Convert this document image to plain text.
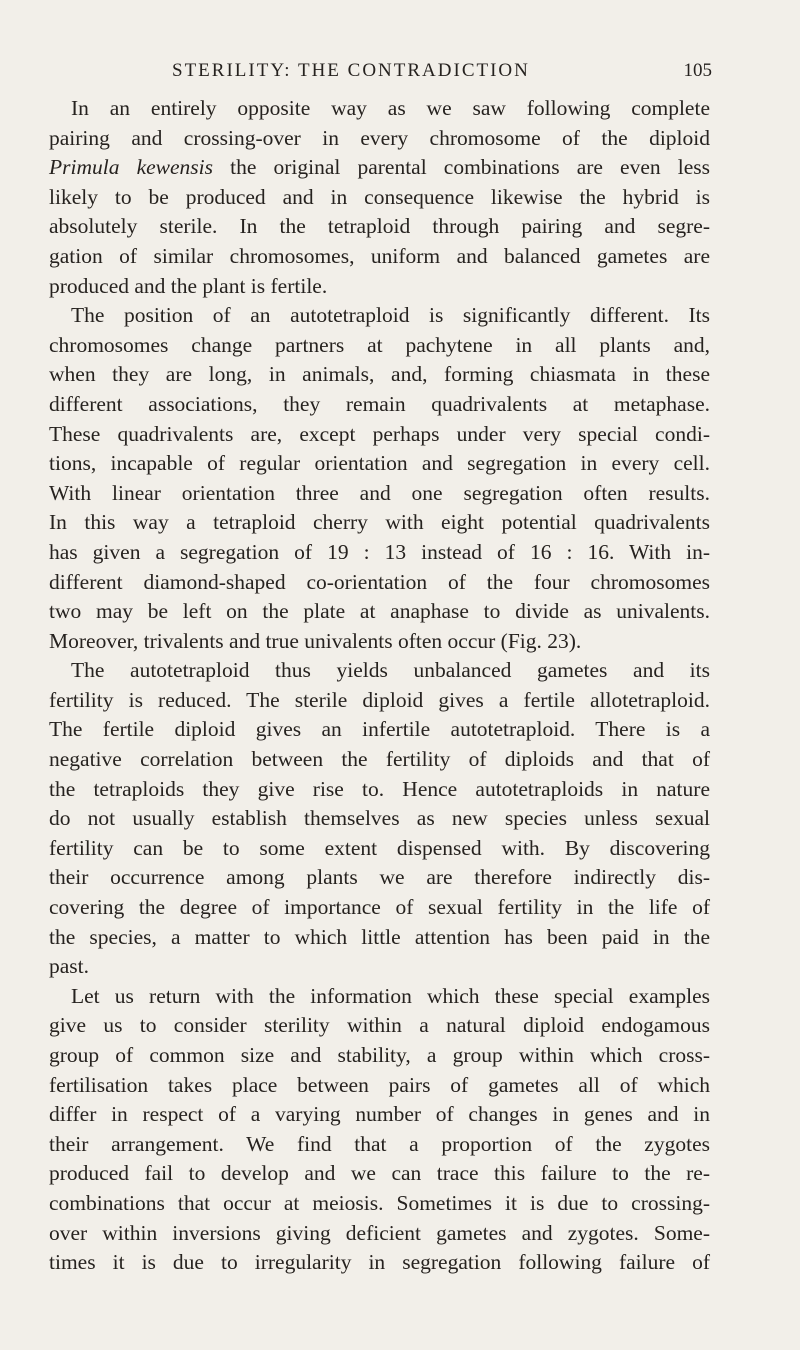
STERILITY: THE CONTRADICTION	105
In an entirely opposite way as we saw following complete
pairing and crossing-over in every chromosome of the diploid
Primula kewensis the original parental combinations are even less
likely to be produced and in consequence likewise the hybrid is
absolutely sterile. In the tetraploid through pairing and segre-
gation of similar chromosomes, uniform and balanced gametes are
produced and the plant is fertile.
The position of an autotetraploid is significantly different. Its
chromosomes change partners at pachytene in all plants and,
when they are long, in animals, and, forming chiasmata in these
different associations, they remain quadrivalents at metaphase.
These quadrivalents are, except perhaps under very special condi-
tions, incapable of regular orientation and segregation in every cell.
With linear orientation three and one segregation often results.
In this way a tetraploid cherry with eight potential quadrivalents
has given a segregation of 19 : 13 instead of 16 : 16. With in-
different diamond-shaped co-orientation of the four chromosomes
two may be left on the plate at anaphase to divide as univalents.
Moreover, trivalents and true univalents often occur (Fig. 23).
The autotetraploid thus yields unbalanced gametes and its
fertility is reduced. The sterile diploid gives a fertile allotetraploid.
The fertile diploid gives an infertile autotetraploid. There is a
negative correlation between the fertility of diploids and that of
the tetraploids they give rise to. Hence autotetraploids in nature
do not usually establish themselves as new species unless sexual
fertility can be to some extent dispensed with. By discovering
their occurrence among plants we are therefore indirectly dis-
covering the degree of importance of sexual fertility in the life of
the species, a matter to which little attention has been paid in the
past.
Let us return with the information which these special examples
give us to consider sterility within a natural diploid endogamous
group of common size and stability, a group within which cross-
fertilisation takes place between pairs of gametes all of which
differ in respect of a varying number of changes in genes and in
their arrangement. We find that a proportion of the zygotes
produced fail to develop and we can trace this failure to the re-
combinations that occur at meiosis. Sometimes it is due to crossing-
over within inversions giving deficient gametes and zygotes. Some-
times it is due to irregularity in segregation following failure of
